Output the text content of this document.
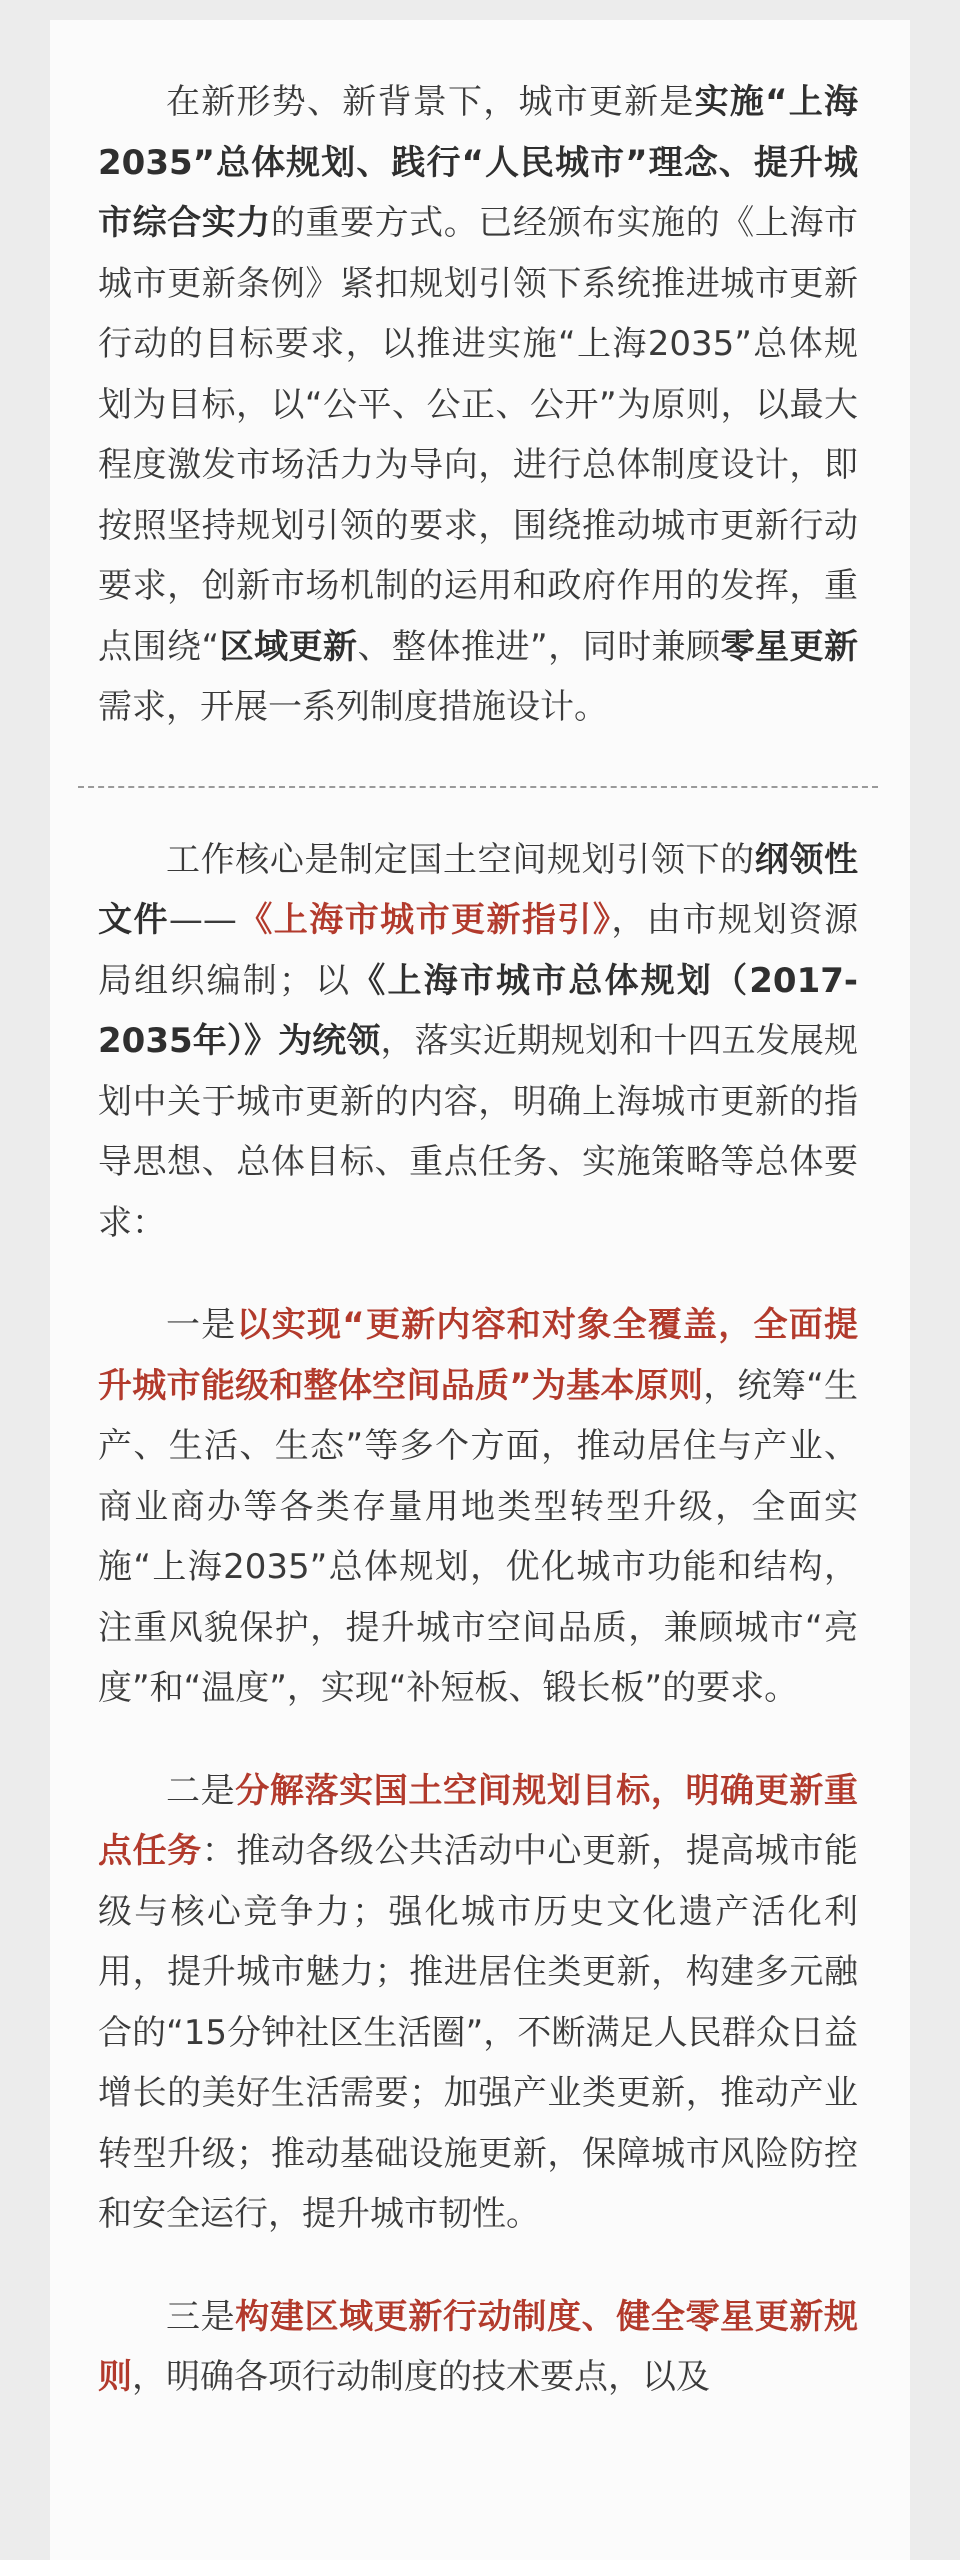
在新形势、新背景下，城市更新是实施“上海2035”总体规划、践行“人民城市”理念、提升城市综合实力的重要方式。已经颁布实施的《上海市城市更新条例》紧扣规划引领下系统推进城市更新行动的目标要求，以推进实施“上海2035”总体规划为目标，以“公平、公正、公开”为原则，以最大程度激发市场活力为导向，进行总体制度设计，即按照坚持规划引领的要求，围绕推动城市更新行动要求，创新市场机制的运用和政府作用的发挥，重点围绕“区域更新、整体推进”，同时兼顾零星更新需求，开展一系列制度措施设计。

工作核心是制定国土空间规划引领下的纲领性文件——《上海市城市更新指引》，由市规划资源局组织编制；以《上海市城市总体规划（2017-2035年）》为统领，落实近期规划和十四五发展规划中关于城市更新的内容，明确上海城市更新的指导思想、总体目标、重点任务、实施策略等总体要求：

一是以实现“更新内容和对象全覆盖，全面提升城市能级和整体空间品质”为基本原则，统筹“生产、生活、生态”等多个方面，推动居住与产业、商业商办等各类存量用地类型转型升级，全面实施“上海2035”总体规划，优化城市功能和结构，注重风貌保护，提升城市空间品质，兼顾城市“亮度”和“温度”，实现“补短板、锻长板”的要求。

二是分解落实国土空间规划目标，明确更新重点任务：推动各级公共活动中心更新，提高城市能级与核心竞争力；强化城市历史文化遗产活化利用，提升城市魅力；推进居住类更新，构建多元融合的“15分钟社区生活圈”，不断满足人民群众日益增长的美好生活需要；加强产业类更新，推动产业转型升级；推动基础设施更新，保障城市风险防控和安全运行，提升城市韧性。

三是构建区域更新行动制度、健全零星更新规则，明确各项行动制度的技术要点，以及
